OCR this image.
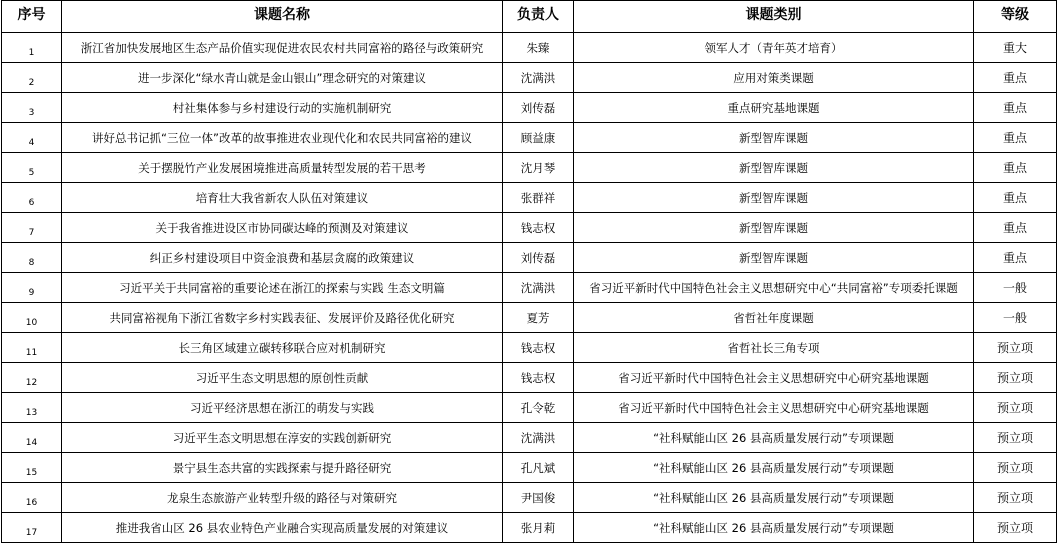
序号	课题名称	负责人	课题类别	等级
1	浙江省加快发展地区生态产品价值实现促进农民农村共同富裕的路径与政策研究	朱臻	领军人才（青年英才培育）	重大
2	进一步深化“绿水青山就是金山银山”理念研究的对策建议	沈满洪	应用对策类课题	重点
3	村社集体参与乡村建设行动的实施机制研究	刘传磊	重点研究基地课题	重点
4	讲好总书记抓“三位一体”改革的故事推进农业现代化和农民共同富裕的建议	顾益康	新型智库课题	重点
5	关于摆脱竹产业发展困境推进高质量转型发展的若干思考	沈月琴	新型智库课题	重点
6	培育壮大我省新农人队伍对策建议	张群祥	新型智库课题	重点
7	关于我省推进设区市协同碳达峰的预测及对策建议	钱志权	新型智库课题	重点
8	纠正乡村建设项目中资金浪费和基层贪腐的政策建议	刘传磊	新型智库课题	重点
9	习近平关于共同富裕的重要论述在浙江的探索与实践 生态文明篇	沈满洪	省习近平新时代中国特色社会主义思想研究中心“共同富裕”专项委托课题	一般
10	共同富裕视角下浙江省数字乡村实践表征、发展评价及路径优化研究	夏芳	省哲社年度课题	一般
11	长三角区域建立碳转移联合应对机制研究	钱志权	省哲社长三角专项	预立项
12	习近平生态文明思想的原创性贡献	钱志权	省习近平新时代中国特色社会主义思想研究中心研究基地课题	预立项
13	习近平经济思想在浙江的萌发与实践	孔令乾	省习近平新时代中国特色社会主义思想研究中心研究基地课题	预立项
14	习近平生态文明思想在淳安的实践创新研究	沈满洪	“社科赋能山区 26 县高质量发展行动”专项课题	预立项
15	景宁县生态共富的实践探索与提升路径研究	孔凡斌	“社科赋能山区 26 县高质量发展行动”专项课题	预立项
16	龙泉生态旅游产业转型升级的路径与对策研究	尹国俊	“社科赋能山区 26 县高质量发展行动”专项课题	预立项
17	推进我省山区 26 县农业特色产业融合实现高质量发展的对策建议	张月莉	“社科赋能山区 26 县高质量发展行动”专项课题	预立项
